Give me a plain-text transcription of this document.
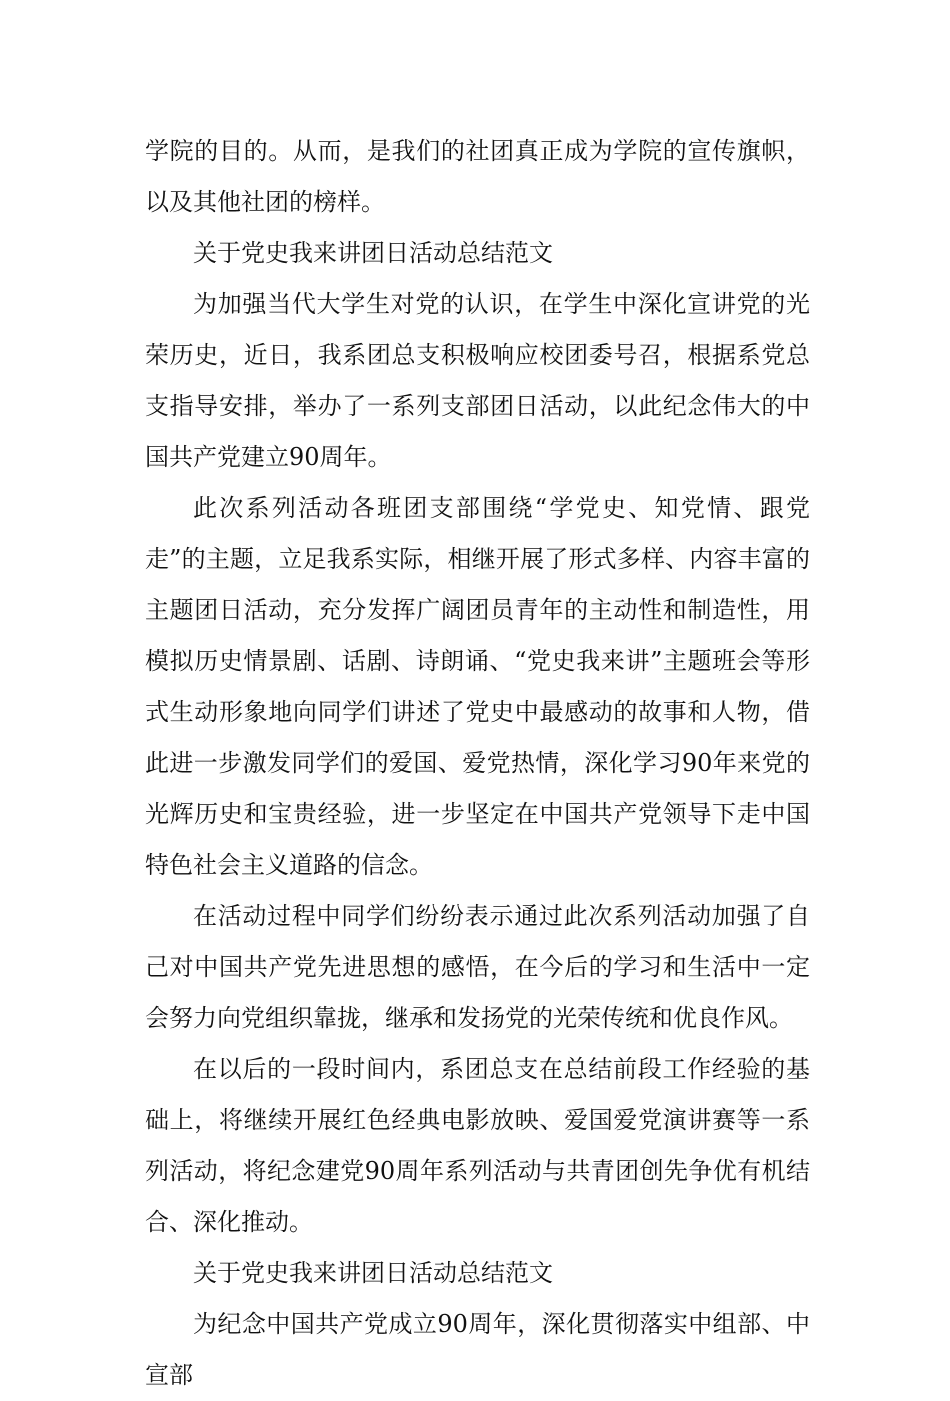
学院的目的。从而，是我们的社团真正成为学院的宣传旗帜，以及其他社团的榜样。

关于党史我来讲团日活动总结范文

为加强当代大学生对党的认识，在学生中深化宣讲党的光荣历史，近日，我系团总支积极响应校团委号召，根据系党总支指导安排，举办了一系列支部团日活动，以此纪念伟大的中国共产党建立90周年。

此次系列活动各班团支部围绕“学党史、知党情、跟党走”的主题，立足我系实际，相继开展了形式多样、内容丰富的主题团日活动，充分发挥广阔团员青年的主动性和制造性，用模拟历史情景剧、话剧、诗朗诵、“党史我来讲”主题班会等形式生动形象地向同学们讲述了党史中最感动的故事和人物，借此进一步激发同学们的爱国、爱党热情，深化学习90年来党的光辉历史和宝贵经验，进一步坚定在中国共产党领导下走中国特色社会主义道路的信念。

在活动过程中同学们纷纷表示通过此次系列活动加强了自己对中国共产党先进思想的感悟，在今后的学习和生活中一定会努力向党组织靠拢，继承和发扬党的光荣传统和优良作风。

在以后的一段时间内，系团总支在总结前段工作经验的基础上，将继续开展红色经典电影放映、爱国爱党演讲赛等一系列活动，将纪念建党90周年系列活动与共青团创先争优有机结合、深化推动。

关于党史我来讲团日活动总结范文

为纪念中国共产党成立90周年，深化贯彻落实中组部、中宣部
